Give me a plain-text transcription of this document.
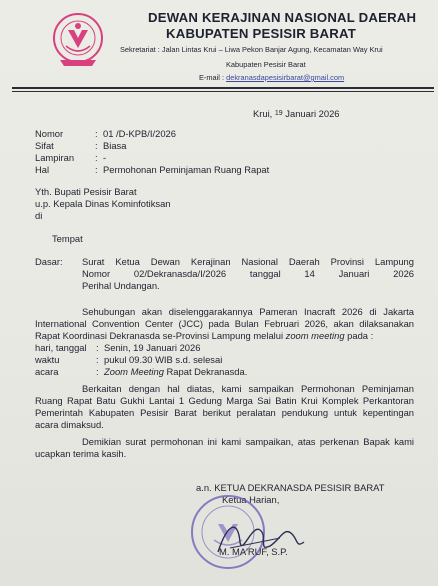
DEWAN KERAJINAN NASIONAL DAERAH
KABUPATEN PESISIR BARAT
Sekretariat : Jalan Lintas Krui – Liwa Pekon Banjar Agung, Kecamatan Way Krui
Kabupaten Pesisir Barat
E-mail : dekranasdapesisirbarat@gmail.com
Krui, $^{19}$ Januari 2026
Nomor	: 01 /D-KPB/I/2026
Sifat	: Biasa
Lampiran : -
Hal	: Permohonan Peminjaman Ruang Rapat
Yth. Bupati Pesisir Barat
u.p. Kepala Dinas Kominfotiksan
di
Tempat
Dasar: Surat Ketua Dewan Kerajinan Nasional Daerah Provinsi Lampung
Nomor 02/Dekranasda/I/2026 tanggal 14 Januari 2026
Perihal Undangan.
Sehubungan akan diselenggarakannya Pameran Inacraft 2026 di Jakarta
International Convention Center (JCC) pada Bulan Februari 2026, akan dilaksanakan
Rapat Koordinasi Dekranasda se-Provinsi Lampung melalui zoom meeting pada :
hari, tanggal : Senin, 19 Januari 2026
waktu	: pukul 09.30 WIB s.d. selesai
acara	: Zoom Meeting Rapat Dekranasda.
Berkaitan dengan hal diatas, kami sampaikan Permohonan Peminjaman
Ruang Rapat Batu Gukhi Lantai 1 Gedung Marga Sai Batin Krui Komplek Perkantoran
Pemerintah Kabupaten Pesisir Barat berikut peralatan pendukung untuk kepentingan
acara dimaksud.
Demikian surat permohonan ini kami sampaikan, atas perkenan Bapak kami
ucapkan terima kasih.
a.n. KETUA DEKRANASDA PESISIR BARAT
Ketua Harian,
M. MA'RUF, S.P.
